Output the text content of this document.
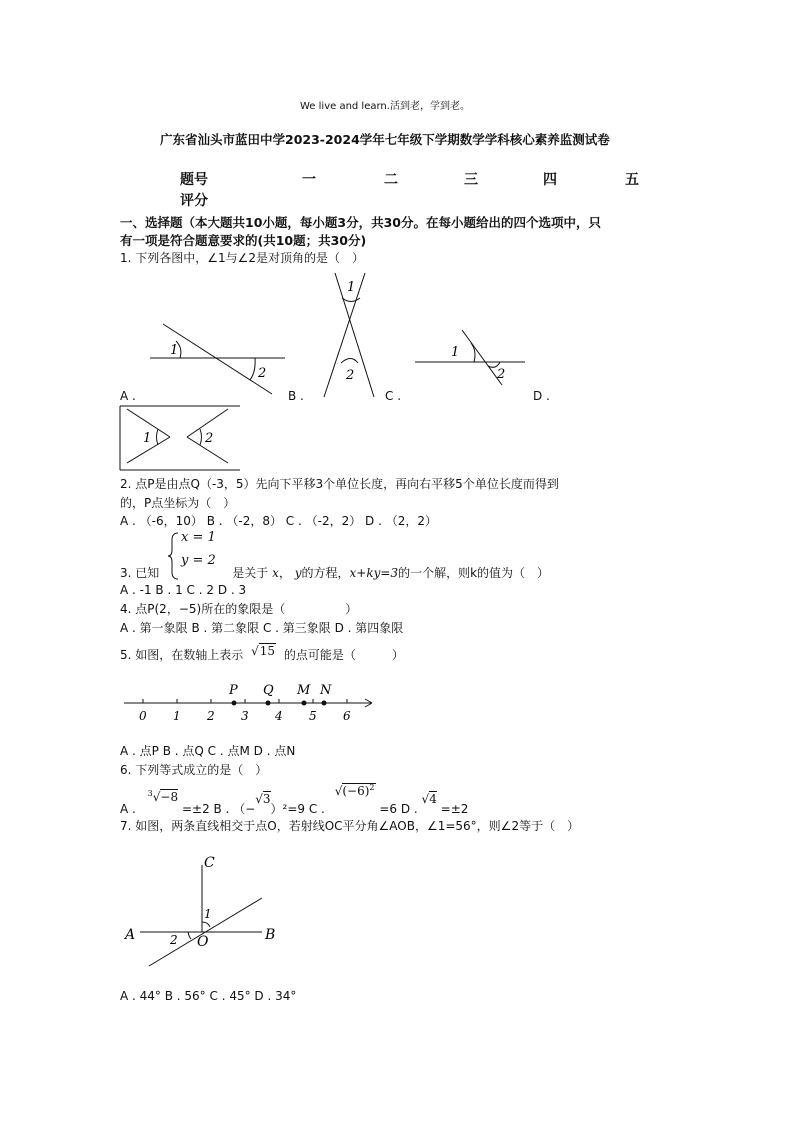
We live and learn.活到老，学到老。
广东省汕头市蓝田中学2023-2024学年七年级下学期数学学科核心素养监测试卷
题号	一	二	三	四	五
评分
一、选择题（本大题共10小题，每小题3分，共30分。在每小题给出的四个选项中，只
有一项是符合题意要求的(共10题；共30分)
1. 下列各图中，∠1与∠2是对顶角的是（　）
1
2
1
2
1
2
1	2
A .	B .	C .	D .
2. 点P是由点Q（-3，5）先向下平移3个单位长度，再向右平移5个单位长度而得到
的，P点坐标为（　）
A . （-6，10） B . （-2，8） C . （-2，2） D . （2，2）
x = 1
y = 2
3. 已知	是关于 x， y的方程，x+ky=3的一个解，则k的值为（　）
A . -1 B . 1 C . 2 D . 3
4. 点P(2，−5)所在的象限是（　　　　　）
A . 第一象限 B . 第二象限 C . 第三象限 D . 第四象限
5. 如图，在数轴上表示 √15 的点可能是（　　　）
P Q M N
0 1 2 3 4 5 6
A . 点P B . 点Q C . 点M D . 点N
6. 下列等式成立的是（　）
A . $^3$√−8 =±2 B . （−√3）²=9 C . $√(-6)^2 =6$ D . √4 =±2
7. 如图，两条直线相交于点O，若射线OC平分角∠AOB，∠1=56°，则∠2等于（　）
C
A	B
O
1
2
A . 44° B . 56° C . 45° D . 34°
